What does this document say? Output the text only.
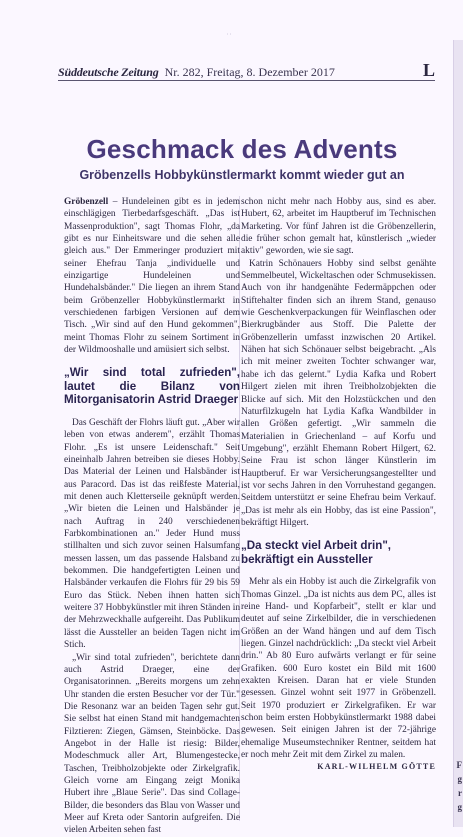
˙˙
Süddeutsche Zeitung Nr. 282, Freitag, 8. Dezember 2017	L
Geschmack des Advents
Gröbenzells Hobbykünstlermarkt kommt wieder gut an

Gröbenzell – Hundeleinen gibt es in jedem einschlägigen Tierbedarfsgeschäft. „Das ist Massenproduktion", sagt Thomas Flohr, „da gibt es nur Einheitsware und die sehen alle gleich aus." Der Emmeringer produziert mit seiner Ehefrau Tanja „individuelle und einzigartige Hundeleinen und Hundehalsbänder." Die liegen an ihrem Stand beim Gröbenzeller Hobbykünstlermarkt in verschiedenen farbigen Versionen auf dem Tisch. „Wir sind auf den Hund gekommen", meint Thomas Flohr zu seinem Sortiment in der Wildmooshalle und amüsiert sich selbst.

„Wir sind total zufrieden", lautet die Bilanz von Mitorganisatorin Astrid Draeger

Das Geschäft der Flohrs läuft gut. „Aber wir leben von etwas anderem", erzählt Thomas Flohr. „Es ist unsere Leidenschaft." Seit eineinhalb Jahren betreiben sie dieses Hobby. Das Material der Leinen und Halsbänder ist aus Paracord. Das ist das reißfeste Material, mit denen auch Kletterseile geknüpft werden. „Wir bieten die Leinen und Halsbänder je nach Auftrag in 240 verschiedenen Farbkombinationen an." Jeder Hund muss stillhalten und sich zuvor seinen Halsumfang messen lassen, um das passende Halsband zu bekommen. Die handgefertigten Leinen und Halsbänder verkaufen die Flohrs für 29 bis 59 Euro das Stück. Neben ihnen hatten sich weitere 37 Hobbykünstler mit ihren Ständen in der Mehrzweckhalle aufgereiht. Das Publikum lässt die Aussteller an beiden Tagen nicht im Stich.

„Wir sind total zufrieden", berichtete dann auch Astrid Draeger, eine der Organisatorinnen. „Bereits morgens um zehn Uhr standen die ersten Besucher vor der Tür." Die Resonanz war an beiden Tagen sehr gut. Sie selbst hat einen Stand mit handgemachten Filztieren: Ziegen, Gämsen, Steinböcke. Das Angebot in der Halle ist riesig: Bilder, Modeschmuck aller Art, Blumengestecke, Taschen, Treibholzobjekte oder Zirkelgrafik. Gleich vorne am Eingang zeigt Monika Hubert ihre „Blaue Serie". Das sind Collage-Bilder, die besonders das Blau von Wasser und Meer auf Kreta oder Santorin aufgreifen. Die vielen Arbeiten sehen fast

schon nicht mehr nach Hobby aus, sind es aber. Hubert, 62, arbeitet im Hauptberuf im Technischen Marketing. Vor fünf Jahren ist die Gröbenzellerin, die früher schon gemalt hat, künstlerisch „wieder aktiv" geworden, wie sie sagt.

Katrin Schönauers Hobby sind selbst genähte Semmelbeutel, Wickeltaschen oder Schmusekissen. Auch von ihr handgenähte Federmäppchen oder Stiftehalter finden sich an ihrem Stand, genauso wie Geschenkverpackungen für Weinflaschen oder Bierkrugbänder aus Stoff. Die Palette der Gröbenzellerin umfasst inzwischen 20 Artikel. Nähen hat sich Schönauer selbst beigebracht. „Als ich mit meiner zweiten Tochter schwanger war, habe ich das gelernt." Lydia Kafka und Robert Hilgert zielen mit ihren Treibholzobjekten die Blicke auf sich. Mit den Holzstückchen und den Naturfilzkugeln hat Lydia Kafka Wandbilder in allen Größen gefertigt. „Wir sammeln die Materialien in Griechenland – auf Korfu und Umgebung", erzählt Ehemann Robert Hilgert, 62. Seine Frau ist schon länger Künstlerin im Hauptberuf. Er war Versicherungsangestellter und ist vor sechs Jahren in den Vorruhestand gegangen. Seitdem unterstützt er seine Ehefrau beim Verkauf. „Das ist mehr als ein Hobby, das ist eine Passion", bekräftigt Hilgert.

„Da steckt viel Arbeit drin", bekräftigt ein Aussteller

Mehr als ein Hobby ist auch die Zirkelgrafik von Thomas Ginzel. „Da ist nichts aus dem PC, alles ist reine Hand- und Kopfarbeit", stellt er klar und deutet auf seine Zirkelbilder, die in verschiedenen Größen an der Wand hängen und auf dem Tisch liegen. Ginzel nachdrücklich: „Da steckt viel Arbeit drin." Ab 80 Euro aufwärts verlangt er für seine Grafiken. 600 Euro kostet ein Bild mit 1600 exakten Kreisen. Daran hat er viele Stunden gesessen. Ginzel wohnt seit 1977 in Gröbenzell. Seit 1970 produziert er Zirkelgrafiken. Er war schon beim ersten Hobbykünstlermarkt 1988 dabei gewesen. Seit einigen Jahren ist der 72-jährige ehemalige Museumstechniker Rentner, seitdem hat er noch mehr Zeit mit dem Zirkel zu malen.

KARL-WILHELM GÖTTE F
g
r
g
